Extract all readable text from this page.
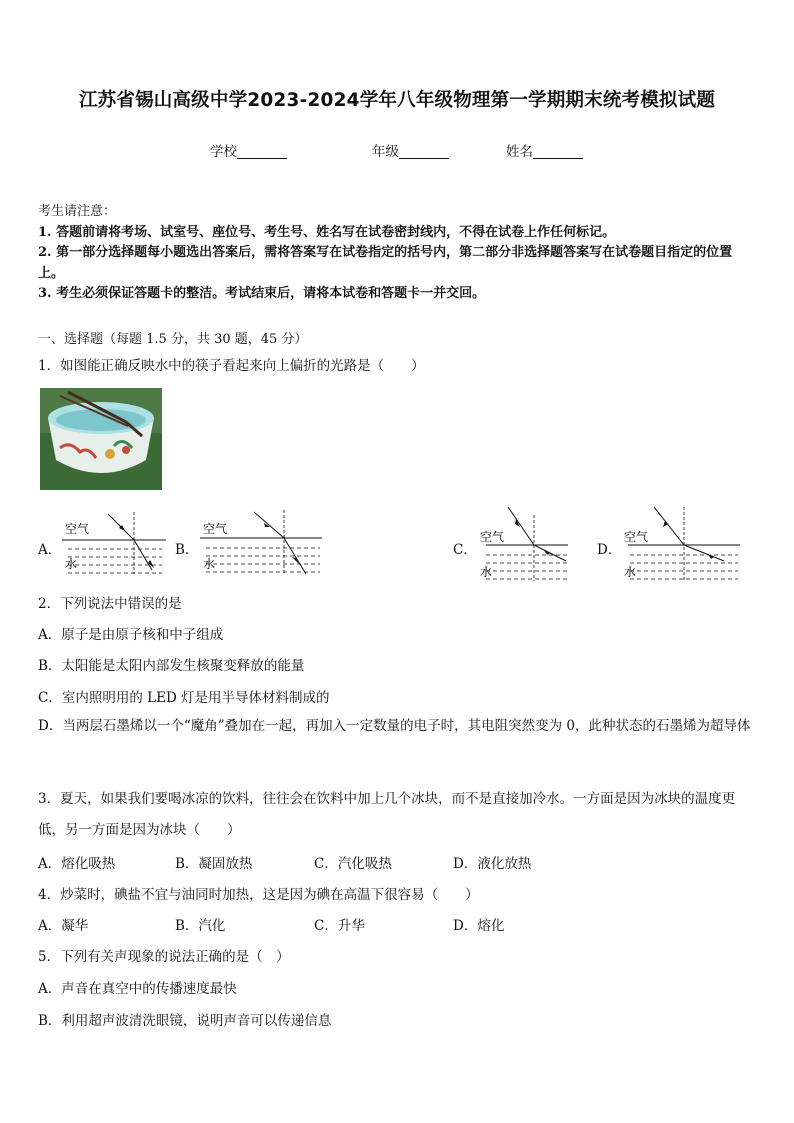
江苏省锡山高级中学2023-2024学年八年级物理第一学期期末统考模拟试题
学校	年级	姓名

考生请注意：

1. 答题前请将考场、试室号、座位号、考生号、姓名写在试卷密封线内，不得在试卷上作任何标记。

2. 第一部分选择题每小题选出答案后，需将答案写在试卷指定的括号内，第二部分非选择题答案写在试卷题目指定的位置上。

3. 考生必须保证答题卡的整洁。考试结束后，请将本试卷和答题卡一并交回。

一、选择题（每题 1.5 分，共 30 题，45 分）
1．如图能正确反映水中的筷子看起来向上偏折的光路是（　　）
A．
空气
水
B．
空气
水
C．
空气
水
D．
空气
水
2．下列说法中错误的是
A．原子是由原子核和中子组成
B．太阳能是太阳内部发生核聚变释放的能量
C．室内照明用的 LED 灯是用半导体材料制成的
D．当两层石墨烯以一个“魔角”叠加在一起，再加入一定数量的电子时，其电阻突然变为 0，此种状态的石墨烯为超导体
3．夏天，如果我们要喝冰凉的饮料，往往会在饮料中加上几个冰块，而不是直接加冷水。一方面是因为冰块的温度更低，另一方面是因为冰块（　　）
A．熔化吸热	B．凝固放热	C．汽化吸热	D．液化放热
4．炒菜时，碘盐不宜与油同时加热，这是因为碘在高温下很容易（　　）
A．凝华	B．汽化	C．升华	D．熔化
5．下列有关声现象的说法正确的是（　）
A．声音在真空中的传播速度最快
B．利用超声波清洗眼镜，说明声音可以传递信息
